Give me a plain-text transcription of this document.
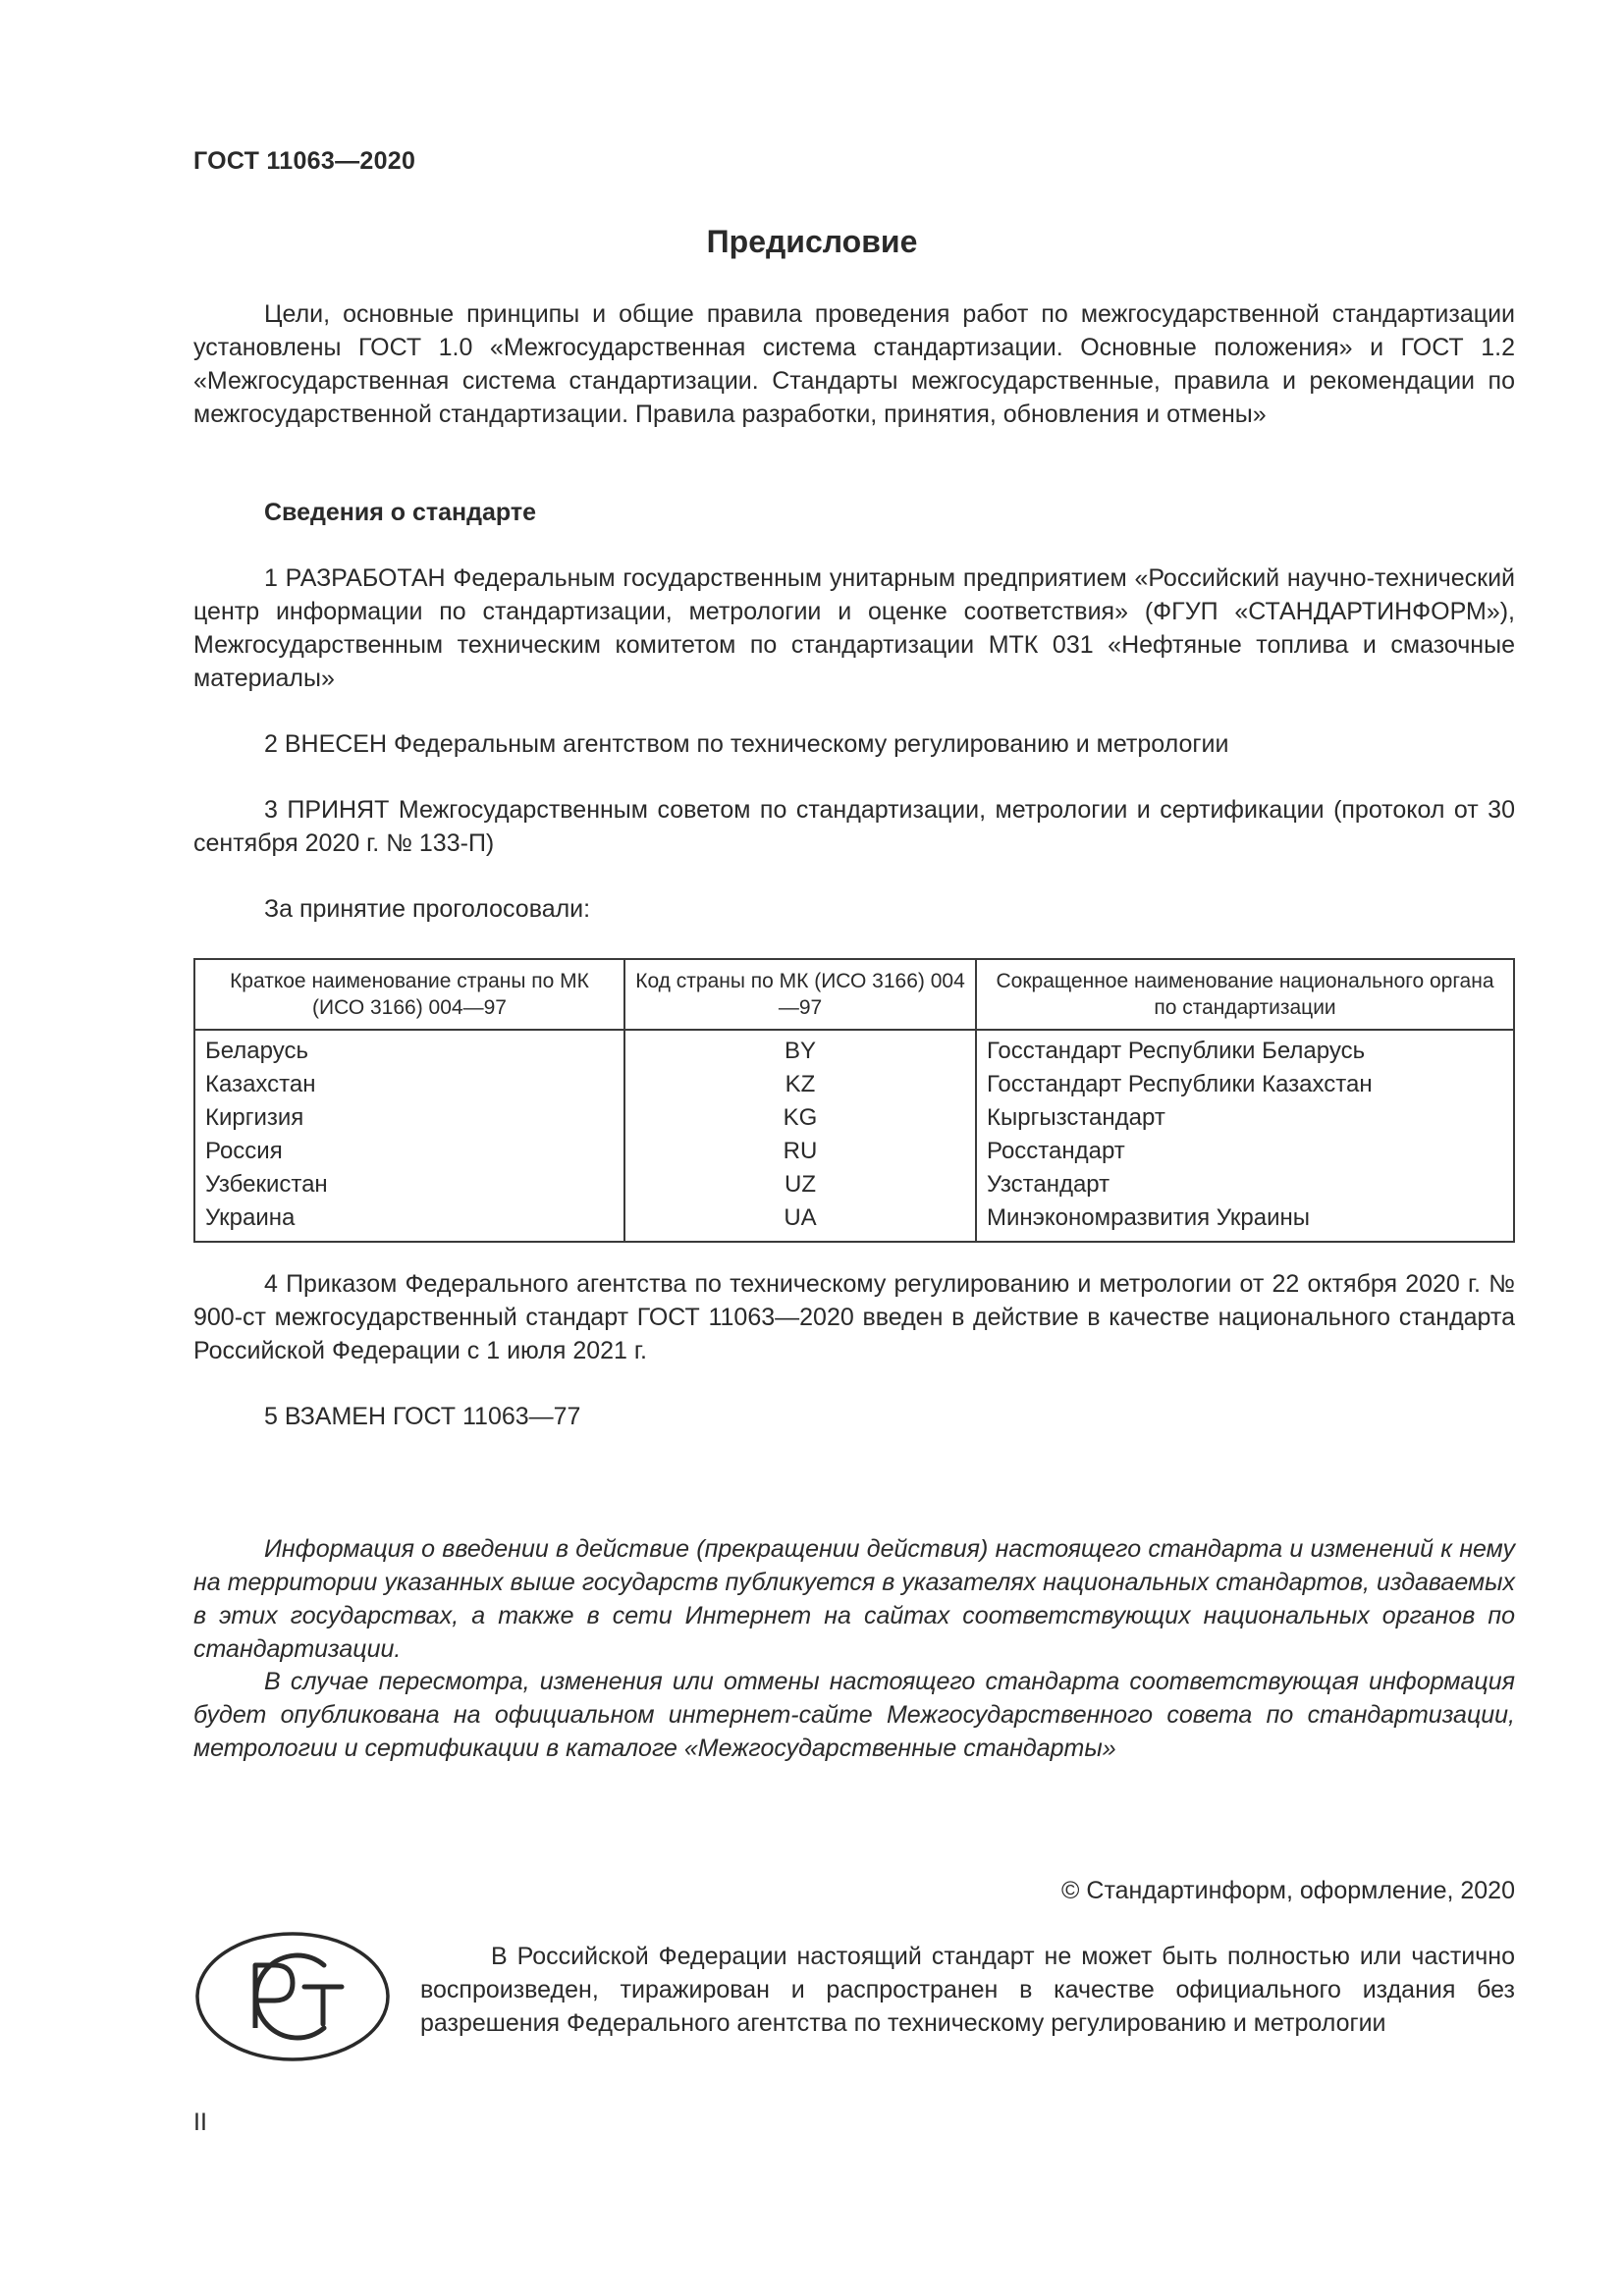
ГОСТ 11063—2020
Предисловие
Цели, основные принципы и общие правила проведения работ по межгосударственной стандартизации установлены ГОСТ 1.0 «Межгосударственная система стандартизации. Основные положения» и ГОСТ 1.2 «Межгосударственная система стандартизации. Стандарты межгосударственные, правила и рекомендации по межгосударственной стандартизации. Правила разработки, принятия, обновления и отмены»
Сведения о стандарте
1 РАЗРАБОТАН Федеральным государственным унитарным предприятием «Российский научно-технический центр информации по стандартизации, метрологии и оценке соответствия» (ФГУП «СТАНДАРТИНФОРМ»), Межгосударственным техническим комитетом по стандартизации МТК 031 «Нефтяные топлива и смазочные материалы»
2 ВНЕСЕН Федеральным агентством по техническому регулированию и метрологии
3 ПРИНЯТ Межгосударственным советом по стандартизации, метрологии и сертификации (протокол от 30 сентября 2020 г. № 133-П)
За принятие проголосовали:
Краткое наименование страны по МК (ИСО 3166) 004—97	Код страны по МК (ИСО 3166) 004—97	Сокращенное наименование национального органа по стандартизации
Беларусь	BY	Госстандарт Республики Беларусь
Казахстан	KZ	Госстандарт Республики Казахстан
Киргизия	KG	Кыргызстандарт
Россия	RU	Росстандарт
Узбекистан	UZ	Узстандарт
Украина	UA	Минэкономразвития Украины
4 Приказом Федерального агентства по техническому регулированию и метрологии от 22 октября 2020 г. № 900-ст межгосударственный стандарт ГОСТ 11063—2020 введен в действие в качестве национального стандарта Российской Федерации с 1 июля 2021 г.
5 ВЗАМЕН ГОСТ 11063—77
Информация о введении в действие (прекращении действия) настоящего стандарта и изменений к нему на территории указанных выше государств публикуется в указателях национальных стандартов, издаваемых в этих государствах, а также в сети Интернет на сайтах соответствующих национальных органов по стандартизации.
В случае пересмотра, изменения или отмены настоящего стандарта соответствующая информация будет опубликована на официальном интернет-сайте Межгосударственного совета по стандартизации, метрологии и сертификации в каталоге «Межгосударственные стандарты»
© Стандартинформ, оформление, 2020
В Российской Федерации настоящий стандарт не может быть полностью или частично воспроизведен, тиражирован и распространен в качестве официального издания без разрешения Федерального агентства по техническому регулированию и метрологии
II
